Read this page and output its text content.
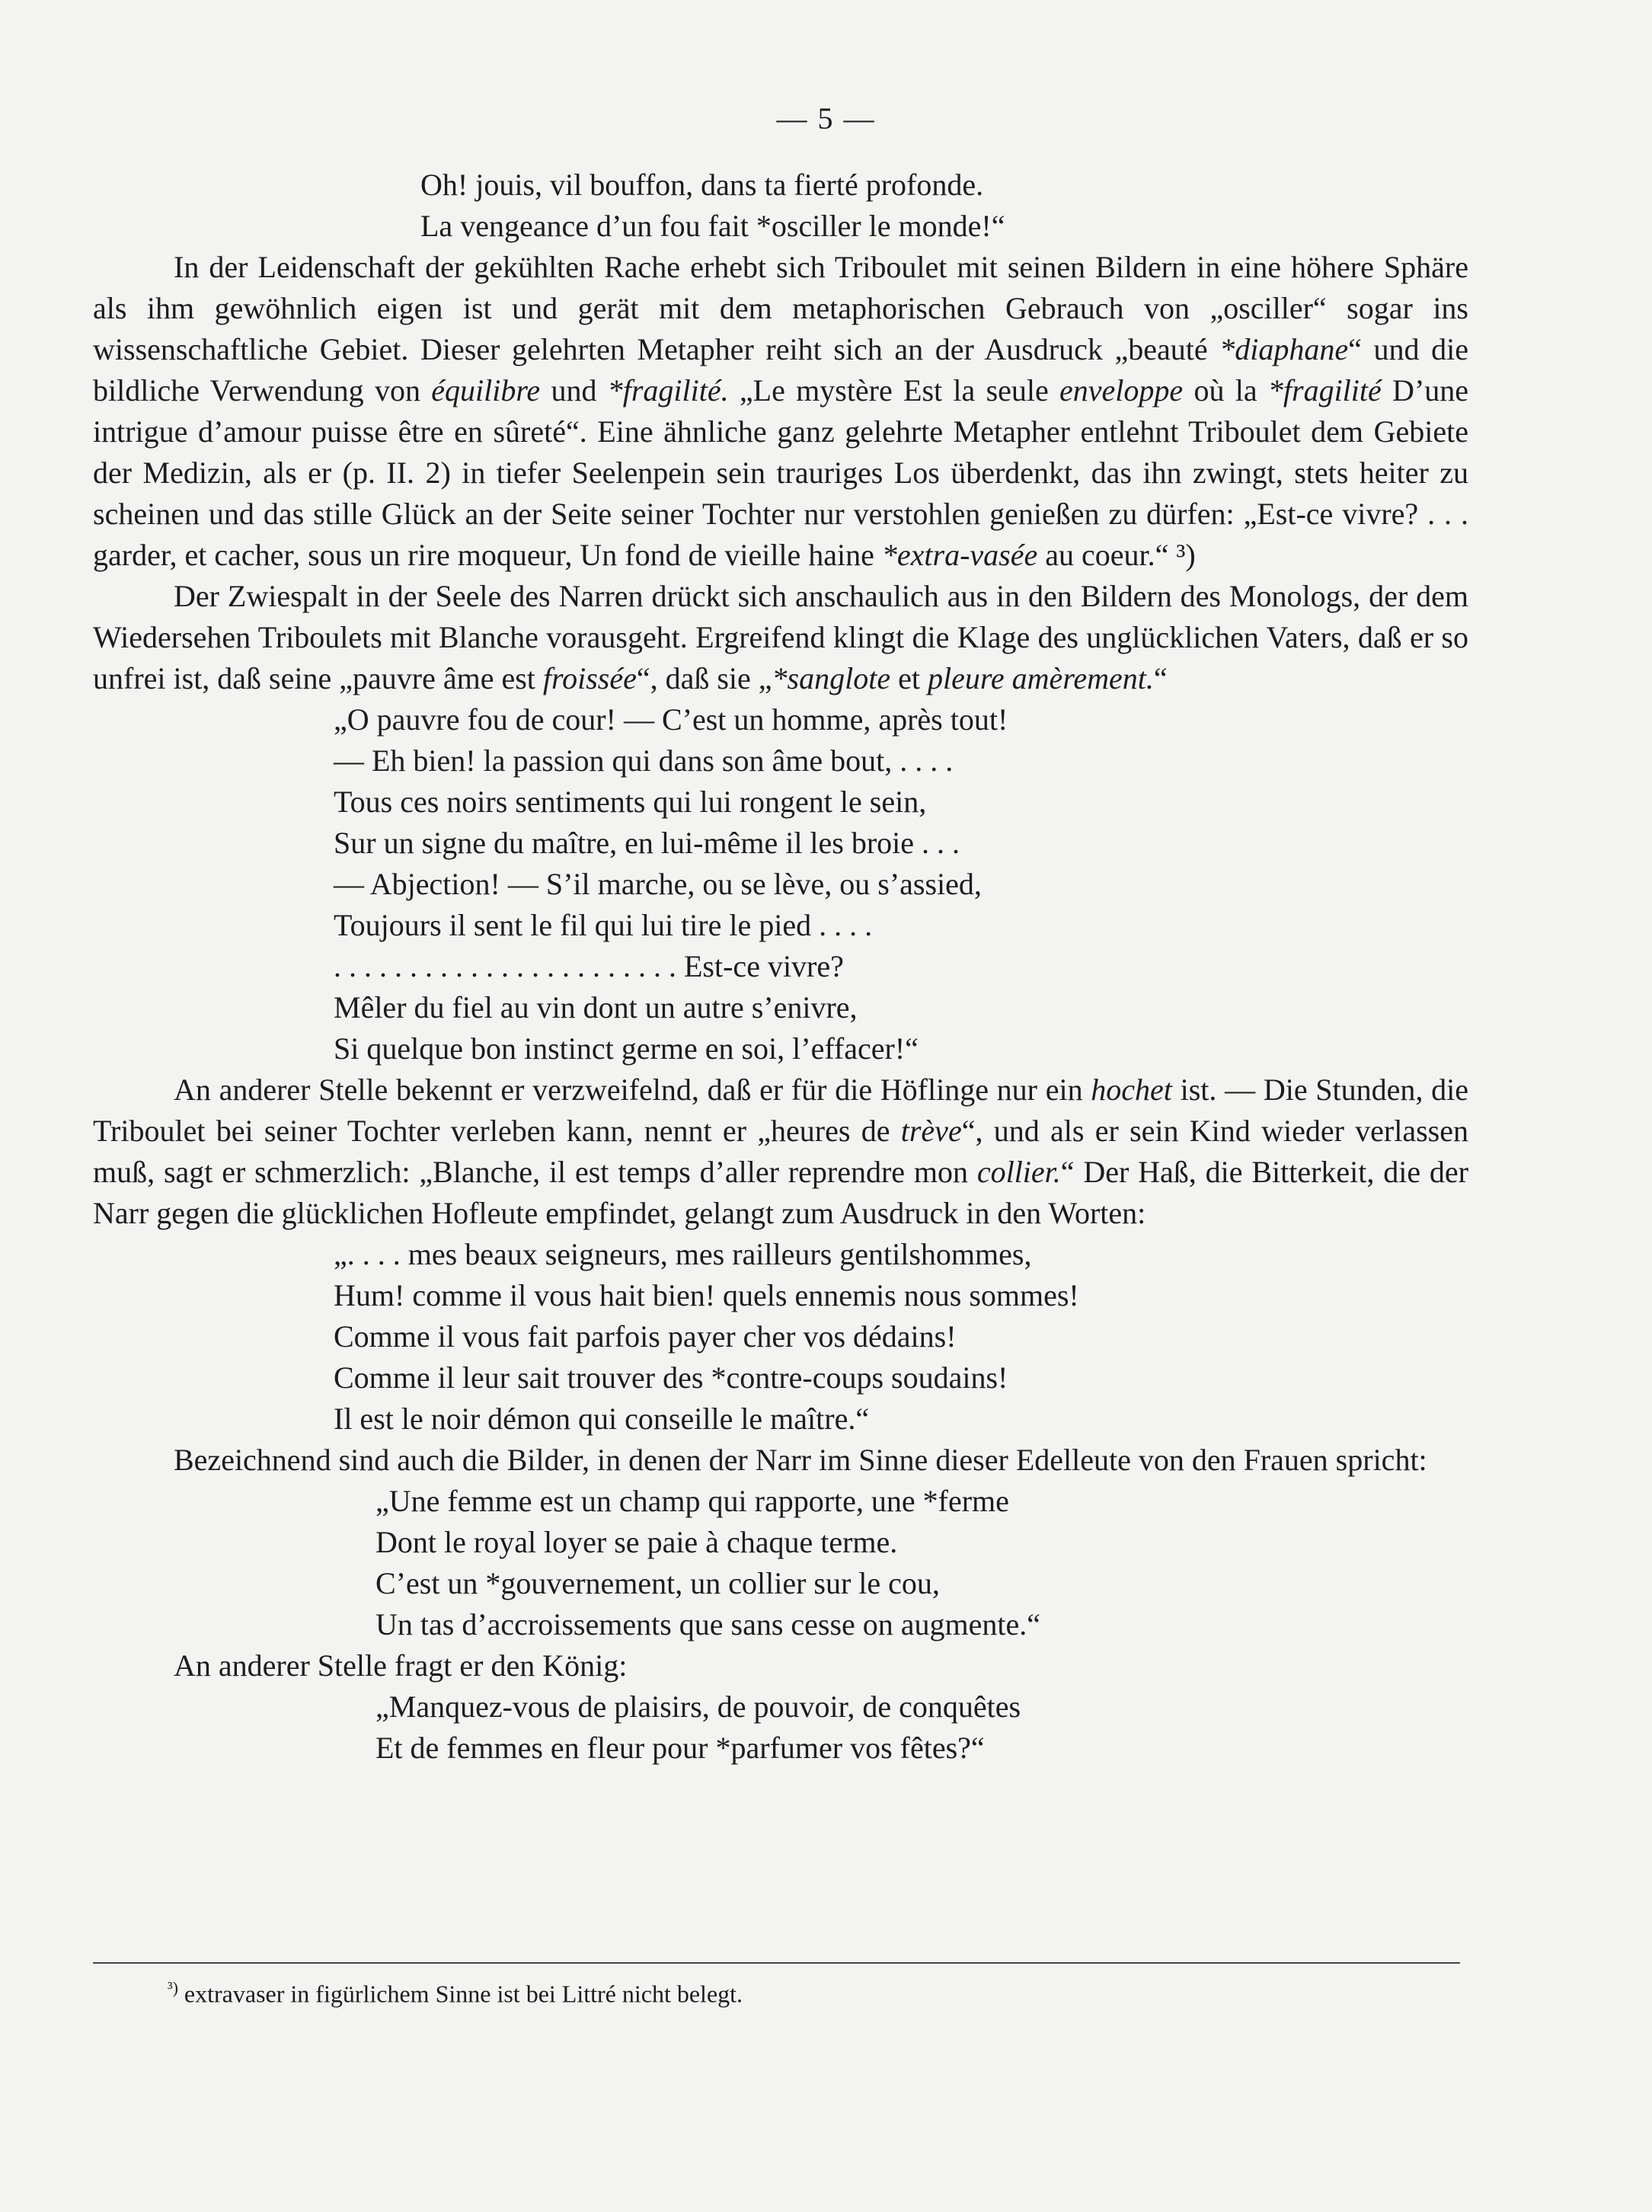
— 5 —
Oh! jouis, vil bouffon, dans ta fierté profonde.
La vengeance d’un fou fait *osciller le monde!“

In der Leidenschaft der gekühlten Rache erhebt sich Triboulet mit seinen Bildern in eine höhere Sphäre als ihm gewöhnlich eigen ist und gerät mit dem metaphorischen Gebrauch von „osciller“ sogar ins wissenschaftliche Gebiet. Dieser gelehrten Metapher reiht sich an der Ausdruck „beauté *diaphane“ und die bildliche Verwendung von équilibre und *fragilité. „Le mystère Est la seule enveloppe où la *fragilité D’une intrigue d’amour puisse être en sûreté“. Eine ähnliche ganz gelehrte Metapher entlehnt Triboulet dem Gebiete der Medizin, als er (p. II. 2) in tiefer Seelenpein sein trauriges Los überdenkt, das ihn zwingt, stets heiter zu scheinen und das stille Glück an der Seite seiner Tochter nur verstohlen genießen zu dürfen: „Est-ce vivre? . . . garder, et cacher, sous un rire moqueur, Un fond de vieille haine *extra-vasée au coeur.“ ³)

Der Zwiespalt in der Seele des Narren drückt sich anschaulich aus in den Bildern des Monologs, der dem Wiedersehen Triboulets mit Blanche vorausgeht. Ergreifend klingt die Klage des unglücklichen Vaters, daß er so unfrei ist, daß seine „pauvre âme est froissée“, daß sie „*sanglote et pleure amèrement.“

„O pauvre fou de cour! — C’est un homme, après tout!
— Eh bien! la passion qui dans son âme bout, . . . .
Tous ces noirs sentiments qui lui rongent le sein,
Sur un signe du maître, en lui-même il les broie . . .
— Abjection! — S’il marche, ou se lève, ou s’assied,
Toujours il sent le fil qui lui tire le pied . . . .
. . . . . . . . . . . . . . . . . . . . . . . Est-ce vivre?
Mêler du fiel au vin dont un autre s’enivre,
Si quelque bon instinct germe en soi, l’effacer!“

An anderer Stelle bekennt er verzweifelnd, daß er für die Höflinge nur ein hochet ist. — Die Stunden, die Triboulet bei seiner Tochter verleben kann, nennt er „heures de trève“, und als er sein Kind wieder verlassen muß, sagt er schmerzlich: „Blanche, il est temps d’aller reprendre mon collier.“ Der Haß, die Bitterkeit, die der Narr gegen die glücklichen Hofleute empfindet, gelangt zum Ausdruck in den Worten:

„. . . . mes beaux seigneurs, mes railleurs gentilshommes,
Hum! comme il vous hait bien! quels ennemis nous sommes!
Comme il vous fait parfois payer cher vos dédains!
Comme il leur sait trouver des *contre-coups soudains!
Il est le noir démon qui conseille le maître.“

Bezeichnend sind auch die Bilder, in denen der Narr im Sinne dieser Edelleute von den Frauen spricht:

„Une femme est un champ qui rapporte, une *ferme
Dont le royal loyer se paie à chaque terme.
C’est un *gouvernement, un collier sur le cou,
Un tas d’accroissements que sans cesse on augmente.“

An anderer Stelle fragt er den König:

„Manquez-vous de plaisirs, de pouvoir, de conquêtes
Et de femmes en fleur pour *parfumer vos fêtes?“
$^{^3)}$ extravaser in figürlichem Sinne ist bei Littré nicht belegt.
